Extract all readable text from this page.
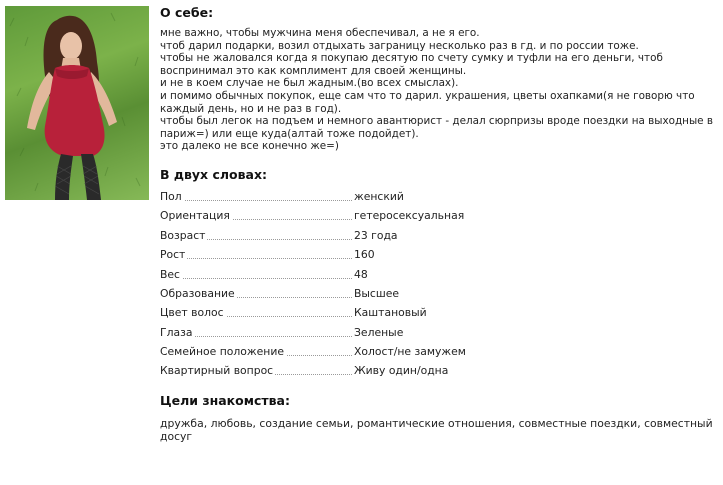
О себе:
мне важно, чтобы мужчина меня обеспечивал, а не я его.
чтоб дарил подарки, возил отдыхать заграницу несколько раз в гд. и по россии тоже.
чтобы не жаловался когда я покупаю десятую по счету сумку и туфли на его деньги, чтоб
воспринимал это как комплимент для своей женщины.
и не в коем случае не был жадным.(во всех смыслах).
и помимо обычных покупок, еще сам что то дарил. украшения, цветы охапками(я не говорю что
каждый день, но и не раз в год).
чтобы был легок на подъем и немного авантюрист - делал сюрпризы вроде поездки на выходные в
париж=) или еще куда(алтай тоже подойдет).
это далеко не все конечно же=)
В двух словах:
Пол	женский
Ориентация	гетеросексуальная
Возраст	23 года
Рост	160
Вес	48
Образование	Высшее
Цвет волос	Каштановый
Глаза	Зеленые
Семейное положение	Холост/не замужем
Квартирный вопрос	Живу один/одна
Цели знакомства:
дружба, любовь, создание семьи, романтические отношения, совместные поездки, совместный досуг
